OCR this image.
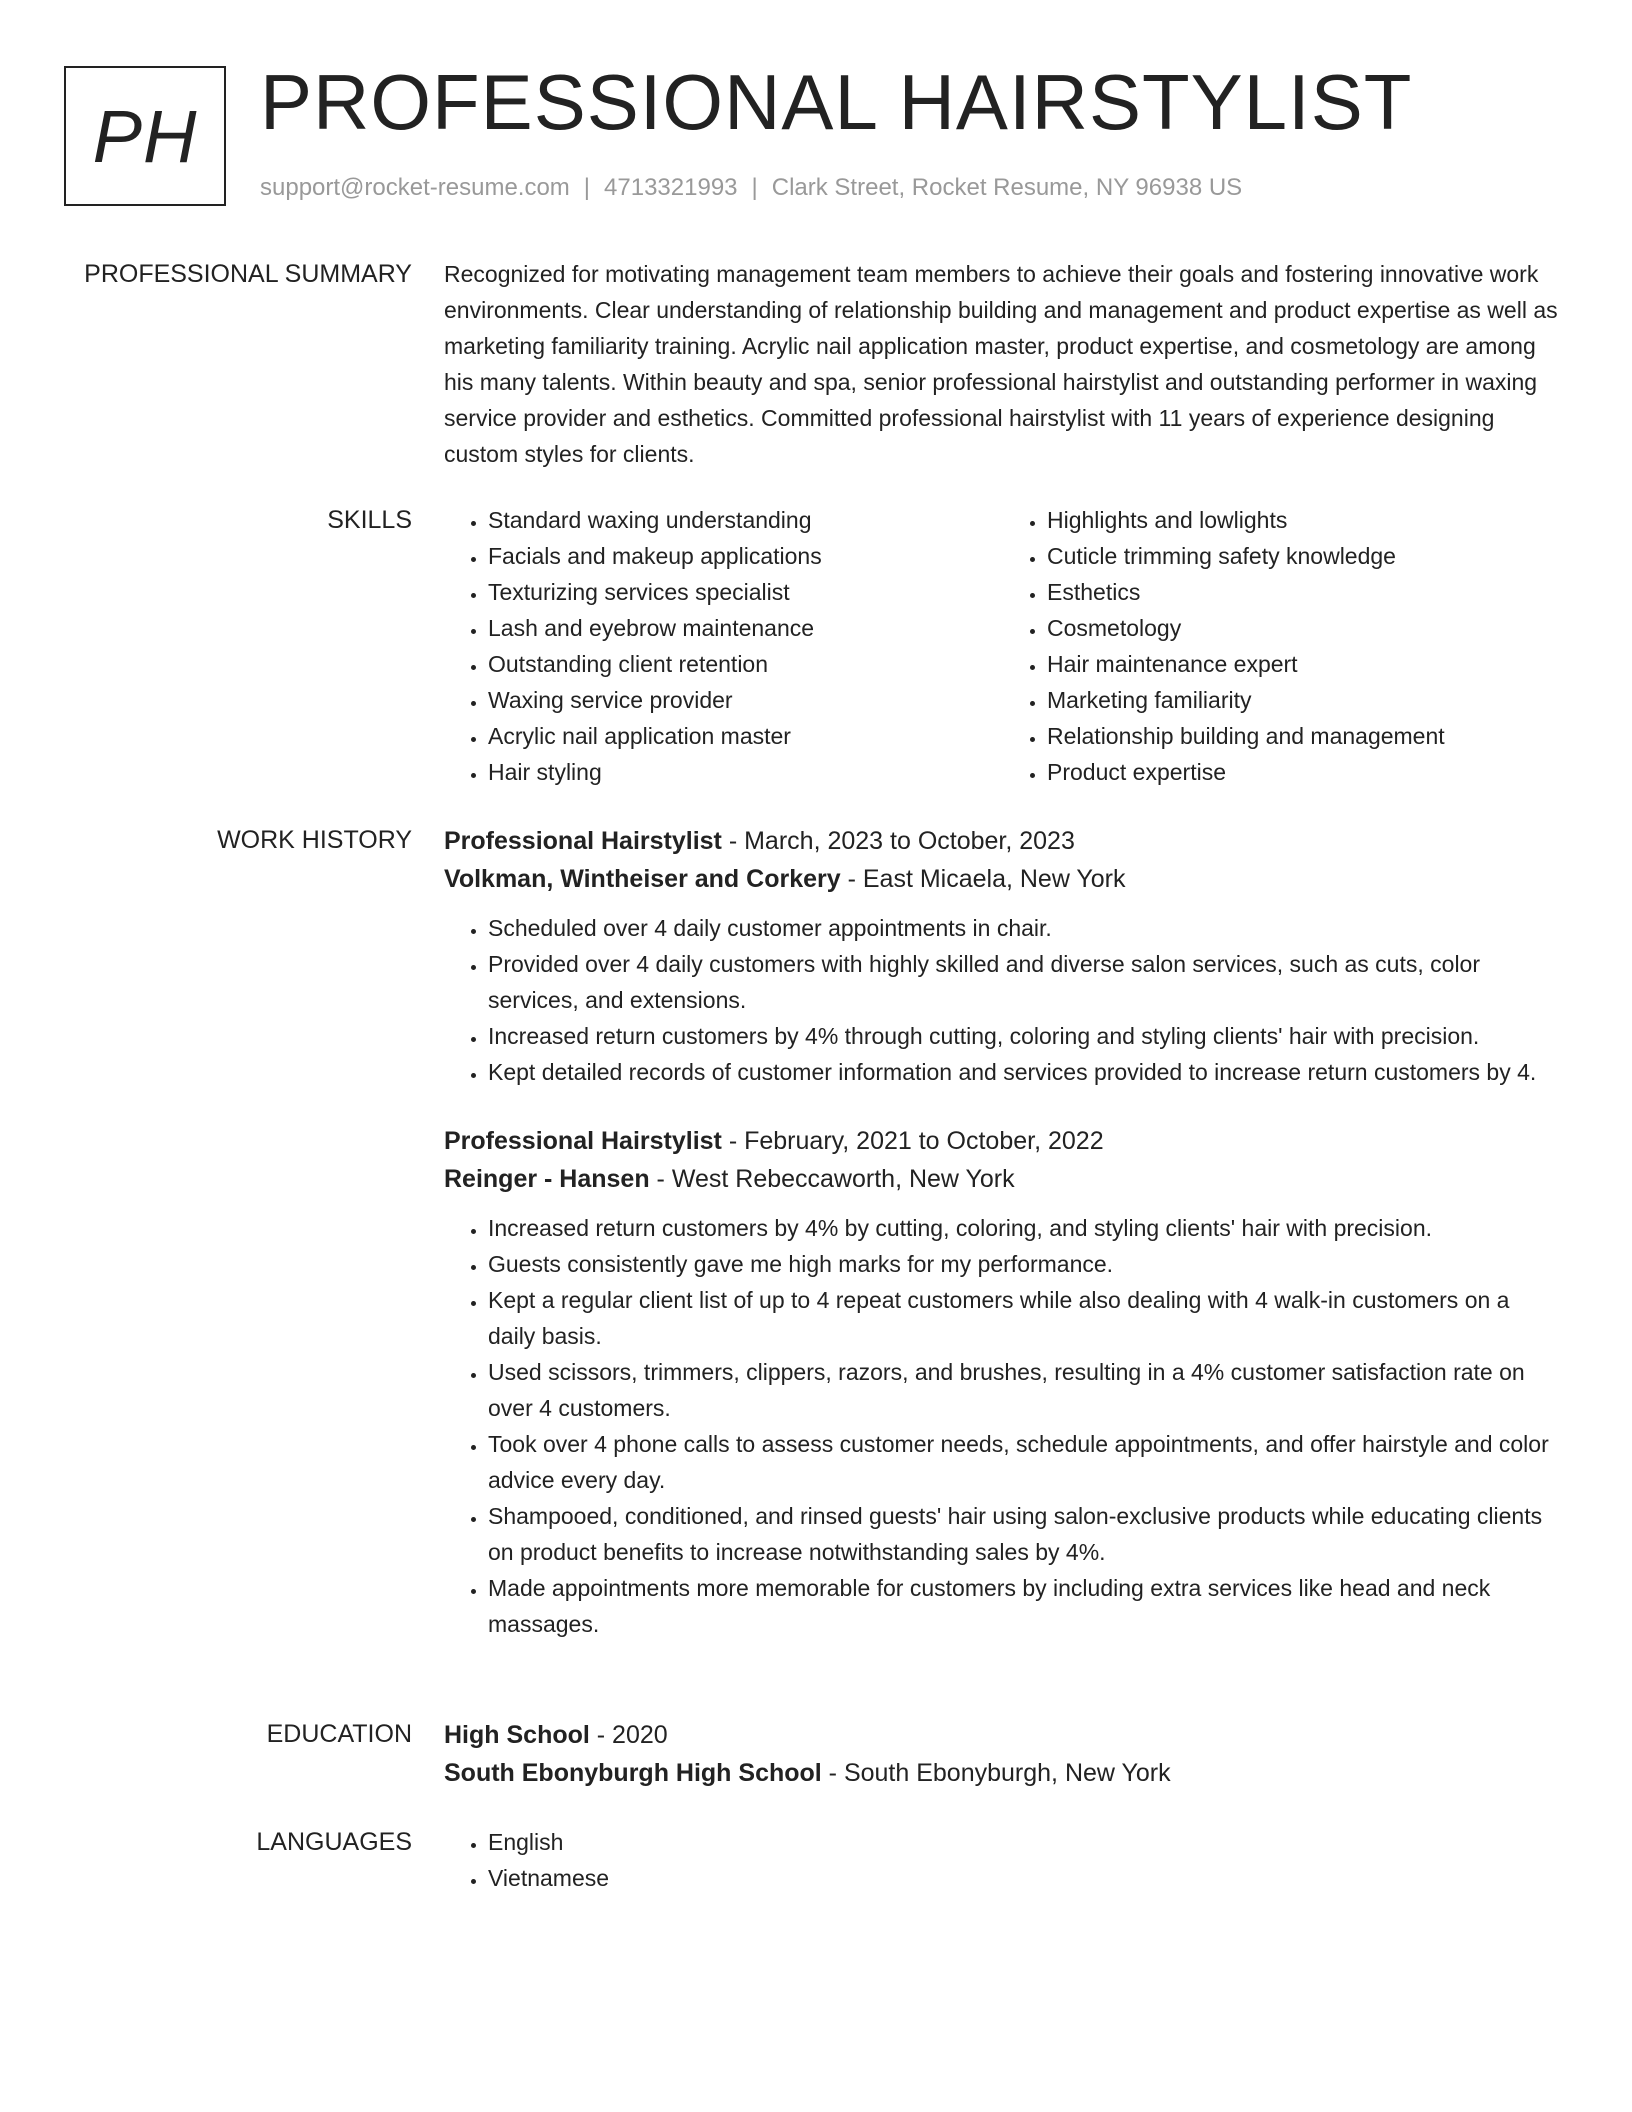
PH PROFESSIONAL HAIRSTYLIST
support@rocket-resume.com | 4713321993 | Clark Street, Rocket Resume, NY 96938 US
PROFESSIONAL SUMMARY Recognized for motivating management team members to achieve their goals and fostering innovative work environments. Clear understanding of relationship building and management and product expertise as well as marketing familiarity training. Acrylic nail application master, product expertise, and cosmetology are among his many talents. Within beauty and spa, senior professional hairstylist and outstanding performer in waxing service provider and esthetics. Committed professional hairstylist with 11 years of experience designing custom styles for clients.

SKILLS	• Standard waxing understanding
• Facials and makeup applications
• Texturizing services specialist
• Lash and eyebrow maintenance
• Outstanding client retention
• Waxing service provider
• Acrylic nail application master
• Hair styling
• Highlights and lowlights
• Cuticle trimming safety knowledge
• Esthetics
• Cosmetology
• Hair maintenance expert
• Marketing familiarity
• Relationship building and management
• Product expertise
WORK HISTORY Professional Hairstylist - March, 2023 to October, 2023
Volkman, Wintheiser and Corkery - East Micaela, New York
• Scheduled over 4 daily customer appointments in chair.
• Provided over 4 daily customers with highly skilled and diverse salon services, such as cuts, color services, and extensions.
• Increased return customers by 4% through cutting, coloring and styling clients' hair with precision.
• Kept detailed records of customer information and services provided to increase return customers by 4.
Professional Hairstylist - February, 2021 to October, 2022
Reinger - Hansen - West Rebeccaworth, New York
• Increased return customers by 4% by cutting, coloring, and styling clients' hair with precision.
• Guests consistently gave me high marks for my performance.
• Kept a regular client list of up to 4 repeat customers while also dealing with 4 walk-in customers on a daily basis.
• Used scissors, trimmers, clippers, razors, and brushes, resulting in a 4% customer satisfaction rate on over 4 customers.
• Took over 4 phone calls to assess customer needs, schedule appointments, and offer hairstyle and color advice every day.
• Shampooed, conditioned, and rinsed guests' hair using salon-exclusive products while educating clients on product benefits to increase notwithstanding sales by 4%.
• Made appointments more memorable for customers by including extra services like head and neck massages.
EDUCATION High School - 2020
South Ebonyburgh High School - South Ebonyburgh, New York
LANGUAGES	• English
• Vietnamese
